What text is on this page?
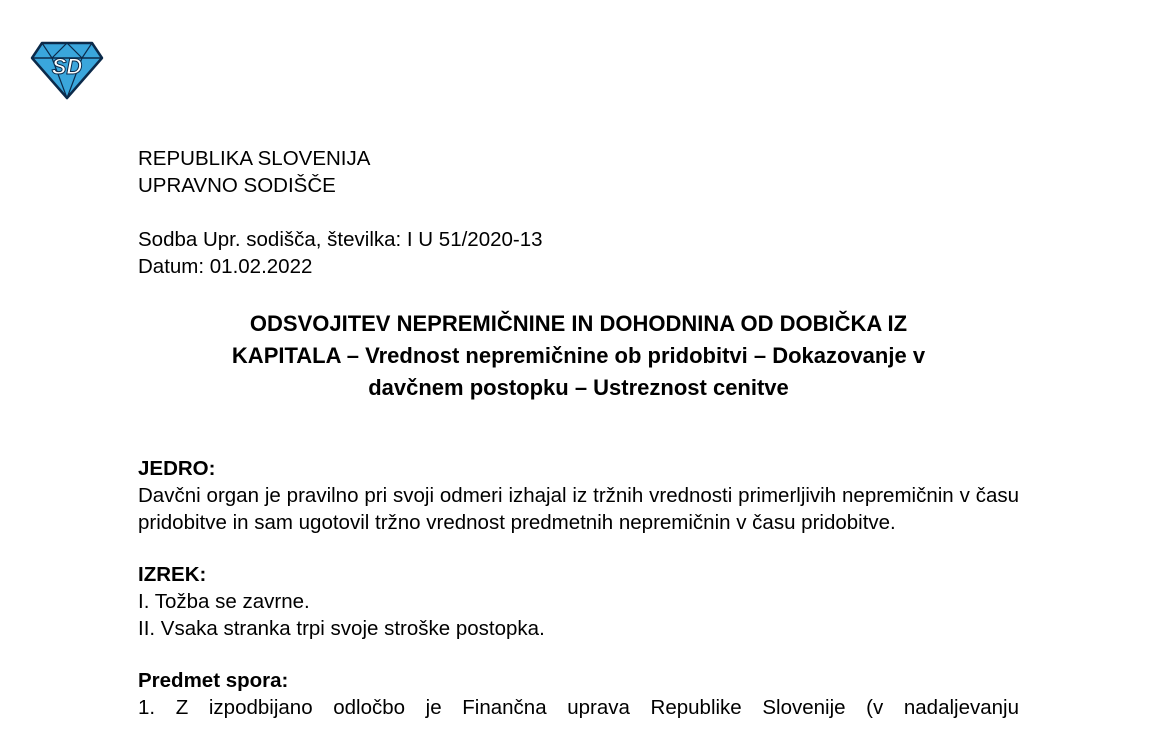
SD
REPUBLIKA SLOVENIJA
UPRAVNO SODIŠČE
Sodba Upr. sodišča, številka: I U 51/2020-13
Datum: 01.02.2022
ODSVOJITEV NEPREMIČNINE IN DOHODNINA OD DOBIČKA IZ
KAPITALA – Vrednost nepremičnine ob pridobitvi – Dokazovanje v
davčnem postopku – Ustreznost cenitve
JEDRO:
Davčni organ je pravilno pri svoji odmeri izhajal iz tržnih vrednosti primerljivih nepremičnin v času pridobitve in sam ugotovil tržno vrednost predmetnih nepremičnin v času pridobitve.
IZREK:
I. Tožba se zavrne.
II. Vsaka stranka trpi svoje stroške postopka.
Predmet spora:
1. Z izpodbijano odločbo je Finančna uprava Republike Slovenije (v nadaljevanju
